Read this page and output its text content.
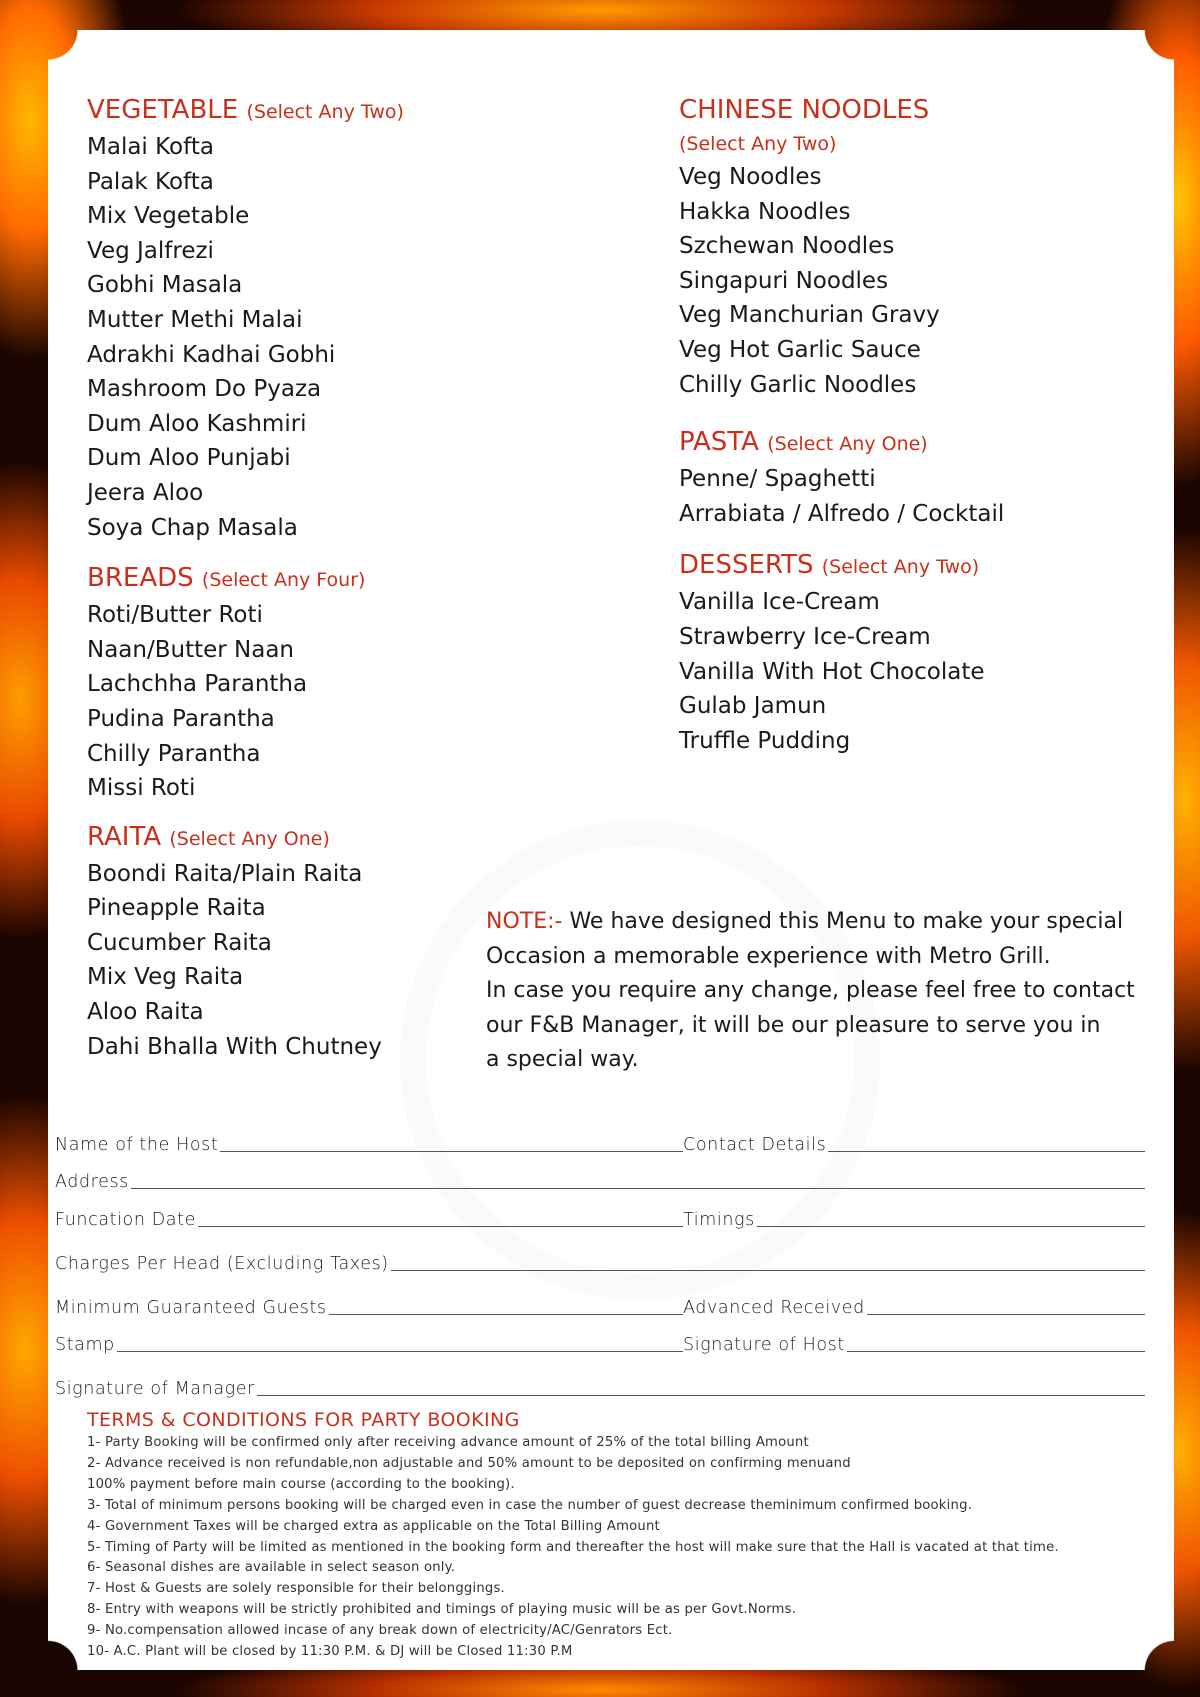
VEGETABLE (Select Any Two)
Malai Kofta
Palak Kofta
Mix Vegetable
Veg Jalfrezi
Gobhi Masala
Mutter Methi Malai
Adrakhi Kadhai Gobhi
Mashroom Do Pyaza
Dum Aloo Kashmiri
Dum Aloo Punjabi
Jeera Aloo
Soya Chap Masala
BREADS (Select Any Four)
Roti/Butter Roti
Naan/Butter Naan
Lachchha Parantha
Pudina Parantha
Chilly Parantha
Missi Roti
RAITA (Select Any One)
Boondi Raita/Plain Raita
Pineapple Raita
Cucumber Raita
Mix Veg Raita
Aloo Raita
Dahi Bhalla With Chutney
CHINESE NOODLES
(Select Any Two)
Veg Noodles
Hakka Noodles
Szchewan Noodles
Singapuri Noodles
Veg Manchurian Gravy
Veg Hot Garlic Sauce
Chilly Garlic Noodles
PASTA (Select Any One)
Penne/ Spaghetti
Arrabiata / Alfredo / Cocktail
DESSERTS (Select Any Two)
Vanilla Ice-Cream
Strawberry Ice-Cream
Vanilla With Hot Chocolate
Gulab Jamun
Truffle Pudding
NOTE:- We have designed this Menu to make your special
Occasion a memorable experience with Metro Grill.
In case you require any change, please feel free to contact
our F&B Manager, it will be our pleasure to serve you in
a special way.
Name of the Host	Contact Details
Address
Funcation Date	Timings
Charges Per Head (Excluding Taxes)
Minimum Guaranteed Guests	Advanced Received
Stamp	Signature of Host
Signature of Manager
TERMS & CONDITIONS FOR PARTY BOOKING
1- Party Booking will be confirmed only after receiving advance amount of 25% of the total billing Amount
2- Advance received is non refundable,non adjustable and 50% amount to be deposited on confirming menuand
100% payment before main course (according to the booking).
3- Total of minimum persons booking will be charged even in case the number of guest decrease theminimum confirmed booking.
4- Government Taxes will be charged extra as applicable on the Total Billing Amount
5- Timing of Party will be limited as mentioned in the booking form and thereafter the host will make sure that the Hall is vacated at that time.
6- Seasonal dishes are available in select season only.
7- Host & Guests are solely responsible for their belonggings.
8- Entry with weapons will be strictly prohibited and timings of playing music will be as per Govt.Norms.
9- No.compensation allowed incase of any break down of electricity/AC/Genrators Ect.
10- A.C. Plant will be closed by 11:30 P.M. & DJ will be Closed 11:30 P.M
